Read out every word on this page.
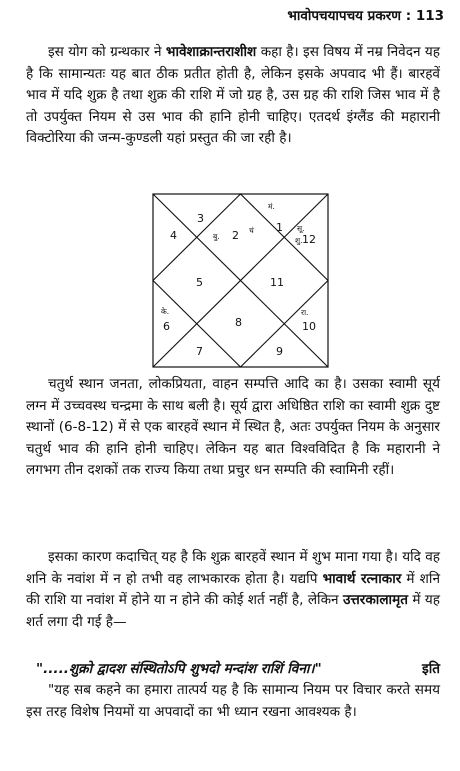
भावोपचयापचय प्रकरण : 113

इस योग को ग्रन्थकार ने भावेशाक्रान्तराशीश कहा है। इस विषय में नम्र निवेदन यह है कि सामान्यतः यह बात ठीक प्रतीत होती है, लेकिन इसके अपवाद भी हैं। बारहवें भाव में यदि शुक्र है तथा शुक्र की राशि में जो ग्रह है, उस ग्रह की राशि जिस भाव में है तो उपर्युक्त नियम से उस भाव की हानि होनी चाहिए। एतदर्थ इंग्लैंड की महारानी विक्टोरिया की जन्म-कुण्डली यहां प्रस्तुत की जा रही है।

1
2
3
4
5
6
7
8
9
10
11
12
मं.
चं
बु.
सू.
शु.
के.	रा.

चतुर्थ स्थान जनता, लोकप्रियता, वाहन सम्पत्ति आदि का है। उसका स्वामी सूर्य लग्न में उच्चवस्थ चन्द्रमा के साथ बली है। सूर्य द्वारा अधिष्ठित राशि का स्वामी शुक्र दुष्ट स्थानों (6-8-12) में से एक बारहवें स्थान में स्थित है, अतः उपर्युक्त नियम के अनुसार चतुर्थ भाव की हानि होनी चाहिए। लेकिन यह बात विश्वविदित है कि महारानी ने लगभग तीन दशकों तक राज्य किया तथा प्रचुर धन सम्पति की स्वामिनी रहीं।

इसका कारण कदाचित् यह है कि शुक्र बारहवें स्थान में शुभ माना गया है। यदि वह शनि के नवांश में न हो तभी वह लाभकारक होता है। यद्यपि भावार्थ रत्नाकार में शनि की राशि या नवांश में होने या न होने की कोई शर्त नहीं है, लेकिन उत्तरकालामृत में यह शर्त लगा दी गई है—

".....शुक्रो द्वादश संस्थितोऽपि शुभदो मन्दांश राशिं विना।"	इति

"यह सब कहने का हमारा तात्पर्य यह है कि सामान्य नियम पर विचार करते समय इस तरह विशेष नियमों या अपवादों का भी ध्यान रखना आवश्यक है।
